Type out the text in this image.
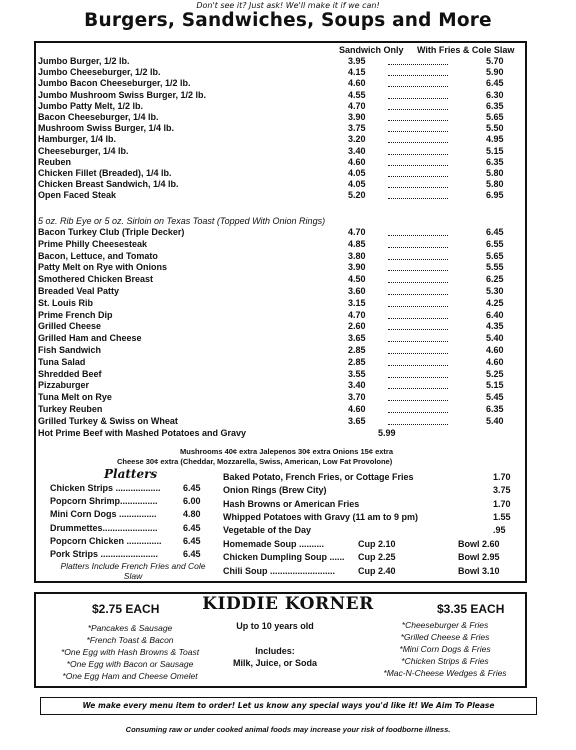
Don't see it? Just ask! We'll make it if we can!
Burgers, Sandwiches, Soups and More
Sandwich Only With Fries & Cole Slaw
Jumbo Burger, 1/2 lb.	3.95	5.70
Jumbo Cheeseburger, 1/2 lb.	4.15	5.90
Jumbo Bacon Cheeseburger, 1/2 lb.	4.60	6.45
Jumbo Mushroom Swiss Burger, 1/2 lb.	4.55	6.30
Jumbo Patty Melt, 1/2 lb.	4.70	6.35
Bacon Cheeseburger, 1/4 lb.	3.90	5.65
Mushroom Swiss Burger, 1/4 lb.	3.75	5.50
Hamburger, 1/4 lb.	3.20	4.95
Cheeseburger, 1/4 lb.	3.40	5.15
Reuben	4.60	6.35
Chicken Fillet (Breaded), 1/4 lb.	4.05	5.80
Chicken Breast Sandwich, 1/4 lb.	4.05	5.80
Open Faced Steak	5.20	6.95
Bacon Turkey Club (Triple Decker)	4.70	6.45
Prime Philly Cheesesteak	4.85	6.55
Bacon, Lettuce, and Tomato	3.80	5.65
Patty Melt on Rye with Onions	3.90	5.55
Smothered Chicken Breast	4.50	6.25
Breaded Veal Patty	3.60	5.30
St. Louis Rib	3.15	4.25
Prime French Dip	4.70	6.40
Grilled Cheese	2.60	4.35
Grilled Ham and Cheese	3.65	5.40
Fish Sandwich	2.85	4.60
Tuna Salad	2.85	4.60
Shredded Beef	3.55	5.25
Pizzaburger	3.40	5.15
Tuna Melt on Rye	3.70	5.45
Turkey Reuben	4.60	6.35
Grilled Turkey & Swiss on Wheat	3.65	5.40
Hot Prime Beef with Mashed Potatoes and Gravy	5.99
5 oz. Rib Eye or 5 oz. Sirloin on Texas Toast (Topped With Onion Rings)
Mushrooms 40¢ extra Jalepenos 30¢ extra Onions 15¢ extra
Cheese 30¢ extra (Cheddar, Mozzarella, Swiss, American, Low Fat Provolone)
Platters
Chicken Strips .................. 6.45
Popcorn Shrimp...............	6.00
Mini Corn Dogs ...............	4.80
Drummettes......................	6.45
Popcorn Chicken .............. 6.45
Pork Strips .......................	6.45
Platters Include French Fries and Cole Slaw
Baked Potato, French Fries, or Cottage Fries	1.70
Onion Rings (Brew City)	3.75
Hash Browns or American Fries	1.70
Whipped Potatoes with Gravy (11 am to 9 pm)	1.55
Vegetable of the Day	.95
Homemade Soup ..........	Cup 2.10	Bowl 2.60
Chicken Dumpling Soup ...... Cup 2.25	Bowl 2.95
Chili Soup ..........................	Cup 2.40	Bowl 3.10
KIDDIE KORNER
$2.75 EACH	$3.35 EACH
Up to 10 years old
Includes:
Milk, Juice, or Soda
*Pancakes & Sausage
*French Toast & Bacon
*One Egg with Hash Browns & Toast
*One Egg with Bacon or Sausage
*One Egg Ham and Cheese Omelet
*Cheeseburger & Fries
*Grilled Cheese & Fries
*Mini Corn Dogs & Fries
*Chicken Strips & Fries
*Mac-N-Cheese Wedges & Fries
We make every menu item to order! Let us know any special ways you'd like it! We Aim To Please
Consuming raw or under cooked animal foods may increase your risk of foodborne illness.
